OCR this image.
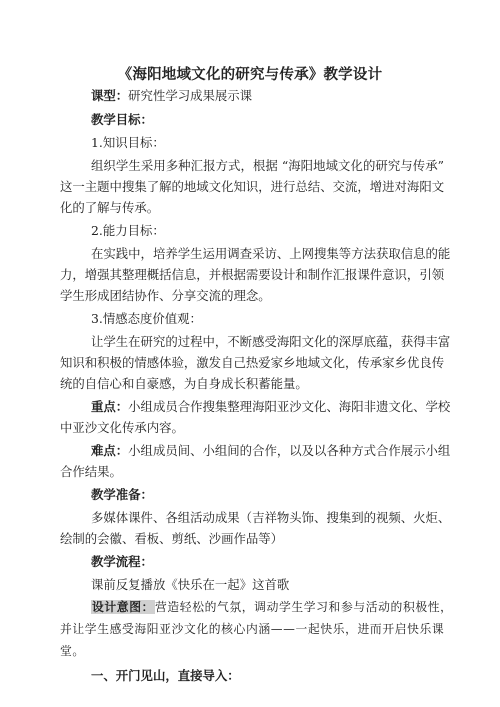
《海阳地域文化的研究与传承》教学设计
课型：研究性学习成果展示课
教学目标：
1.知识目标：
组织学生采用多种汇报方式，根据 “海阳地域文化的研究与传承”
这一主题中搜集了解的地域文化知识，进行总结、交流，增进对海阳文
化的了解与传承。
2.能力目标：
在实践中，培养学生运用调查采访、上网搜集等方法获取信息的能
力，增强其整理概括信息，并根据需要设计和制作汇报课件意识，引领
学生形成团结协作、分享交流的理念。
3.情感态度价值观：
让学生在研究的过程中，不断感受海阳文化的深厚底蕴，获得丰富
知识和积极的情感体验，激发自己热爱家乡地域文化，传承家乡优良传
统的自信心和自豪感，为自身成长积蓄能量。
重点：小组成员合作搜集整理海阳亚沙文化、海阳非遗文化、学校
中亚沙文化传承内容。
难点：小组成员间、小组间的合作，以及以各种方式合作展示小组
合作结果。
教学准备：
多媒体课件、各组活动成果（吉祥物头饰、搜集到的视频、火炬、
绘制的会徽、看板、剪纸、沙画作品等）
教学流程：
课前反复播放《快乐在一起》这首歌
设计意图：营造轻松的气氛，调动学生学习和参与活动的积极性，
并让学生感受海阳亚沙文化的核心内涵——一起快乐，进而开启快乐课
堂。
一、开门见山，直接导入：
